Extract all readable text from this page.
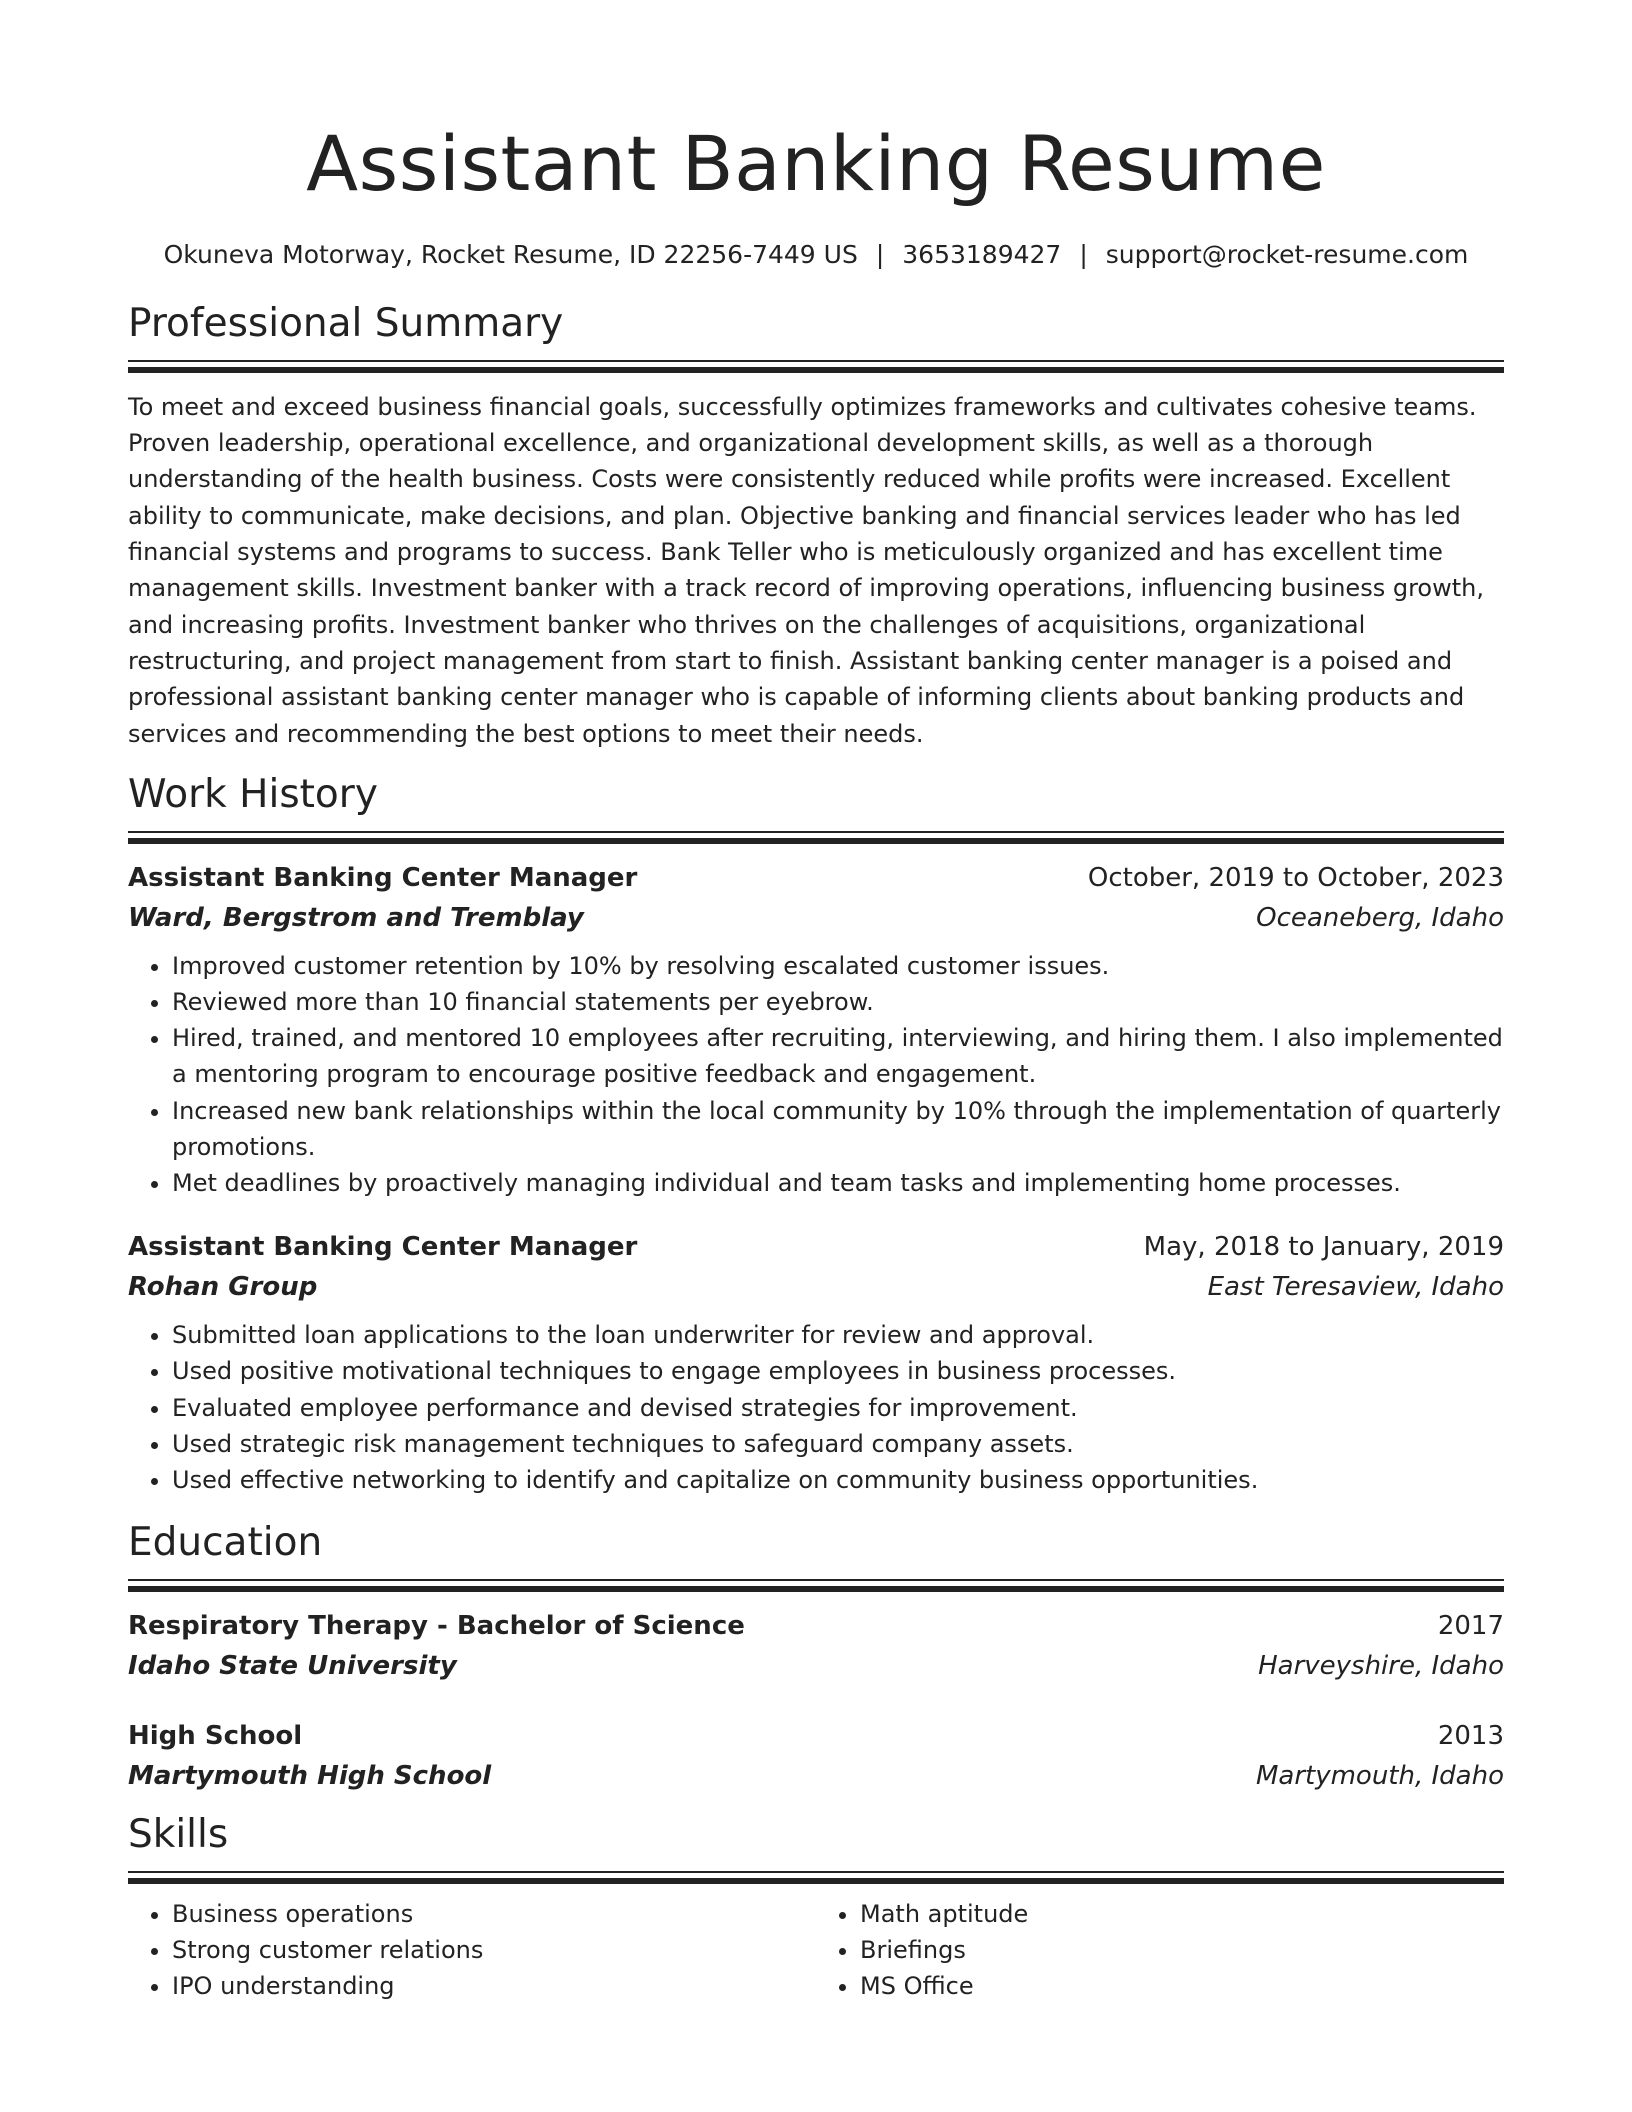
Assistant Banking Resume
Okuneva Motorway, Rocket Resume, ID 22256-7449 US | 3653189427 | support@rocket-resume.com
Professional Summary
To meet and exceed business financial goals, successfully optimizes frameworks and cultivates cohesive teams. Proven leadership, operational excellence, and organizational development skills, as well as a thorough understanding of the health business. Costs were consistently reduced while profits were increased. Excellent ability to communicate, make decisions, and plan. Objective banking and financial services leader who has led financial systems and programs to success. Bank Teller who is meticulously organized and has excellent time management skills. Investment banker with a track record of improving operations, influencing business growth, and increasing profits. Investment banker who thrives on the challenges of acquisitions, organizational restructuring, and project management from start to finish. Assistant banking center manager is a poised and professional assistant banking center manager who is capable of informing clients about banking products and services and recommending the best options to meet their needs.
Work History
Assistant Banking Center Manager	October, 2019 to October, 2023
Ward, Bergstrom and Tremblay	Oceaneberg, Idaho
• Improved customer retention by 10% by resolving escalated customer issues.
• Reviewed more than 10 financial statements per eyebrow.
• Hired, trained, and mentored 10 employees after recruiting, interviewing, and hiring them. I also implemented a mentoring program to encourage positive feedback and engagement.
• Increased new bank relationships within the local community by 10% through the implementation of quarterly promotions.
• Met deadlines by proactively managing individual and team tasks and implementing home processes.
Assistant Banking Center Manager	May, 2018 to January, 2019
Rohan Group	East Teresaview, Idaho
• Submitted loan applications to the loan underwriter for review and approval.
• Used positive motivational techniques to engage employees in business processes.
• Evaluated employee performance and devised strategies for improvement.
• Used strategic risk management techniques to safeguard company assets.
• Used effective networking to identify and capitalize on community business opportunities.
Education
Respiratory Therapy - Bachelor of Science	2017
Idaho State University	Harveyshire, Idaho
High School	2013
Martymouth High School	Martymouth, Idaho
Skills
• Business operations
• Strong customer relations
• IPO understanding
• Math aptitude
• Briefings
• MS Office
